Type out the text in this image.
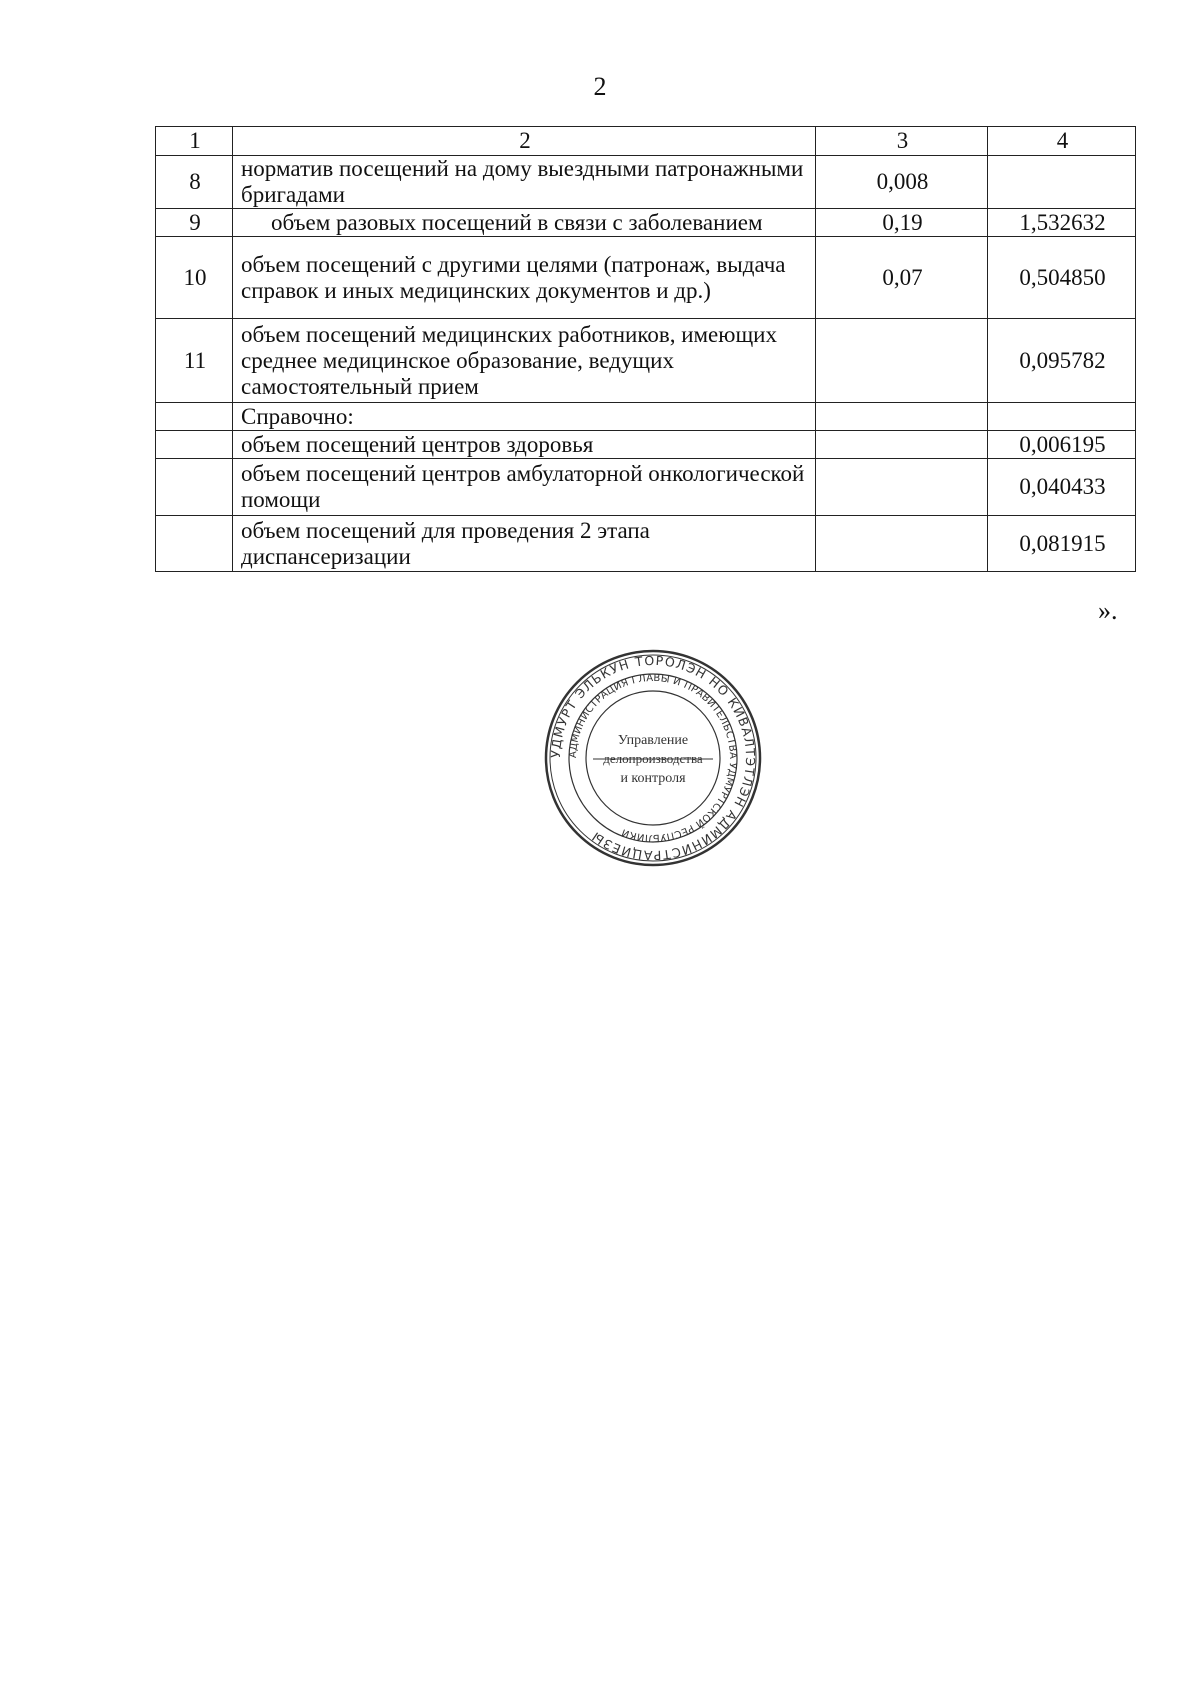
2
1	2	3	4
8	норматив посещений на дому выездными патронажными бригадами	0,008	
9	объем разовых посещений в связи с заболеванием	0,19	1,532632
10	объем посещений с другими целями (патронаж, выдача справок и иных медицинских документов и др.)	0,07	0,504850
11	объем посещений медицинских работников, имеющих среднее медицинское образование, ведущих самостоятельный прием		0,095782
	Справочно:		
	объем посещений центров здоровья		0,006195
	объем посещений центров амбулаторной онкологической помощи		0,040433
	объем посещений для проведения 2 этапа диспансеризации		0,081915
».
УДМУРТ ЭЛЬКУН ТОРОЛЭН НО КИВАЛТЭТЛЭН АДМИНИСТРАЦИЕЗЫ
АДМИНИСТРАЦИЯ ГЛАВЫ И ПРАВИТЕЛЬСТВА УДМУРТСКОЙ РЕСПУБЛИКИ
Управление
делопроизводства
и контроля
